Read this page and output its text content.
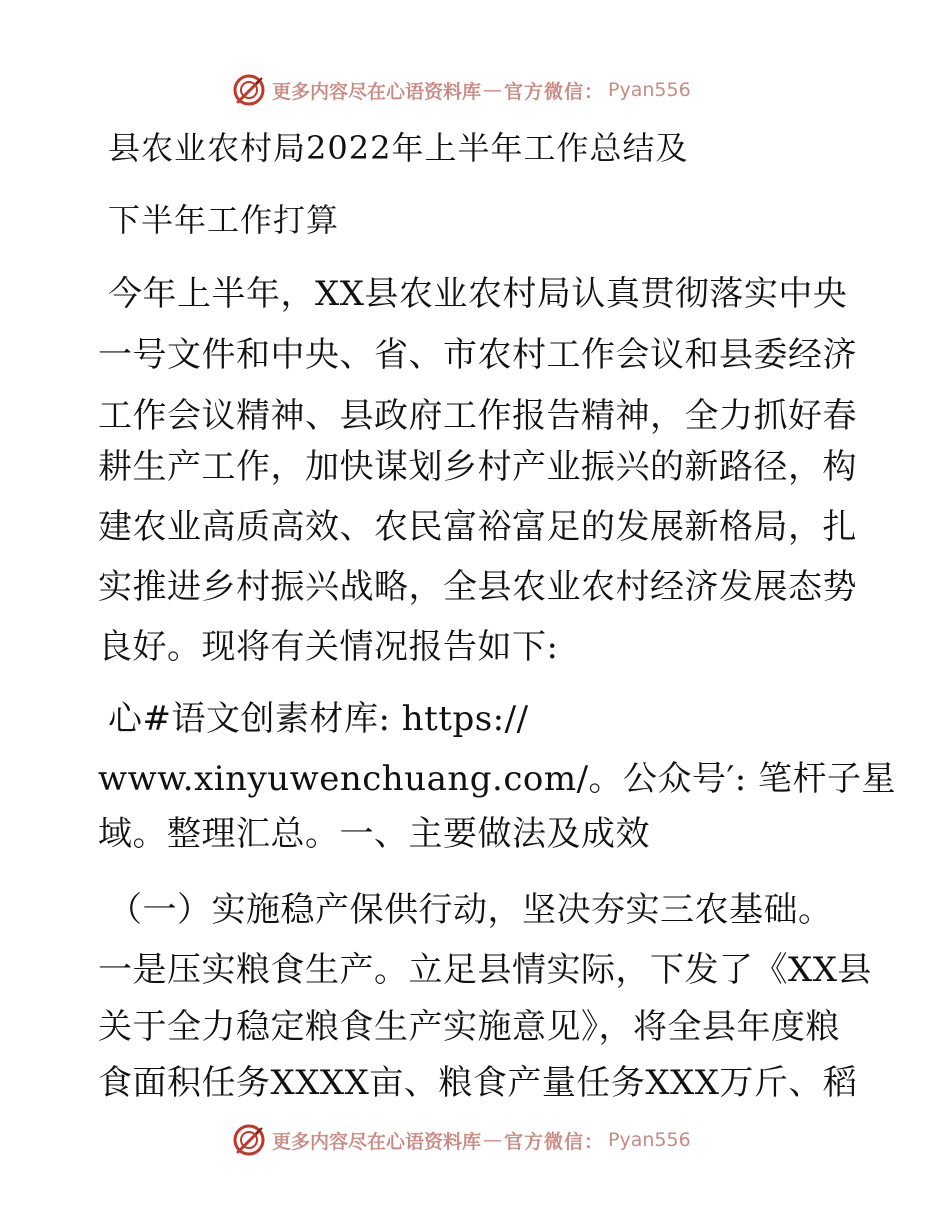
更多内容尽在心语资料库 — 官方微信： Pyan556
县农业农村局2022年上半年工作总结及
下半年工作打算
今年上半年，XX县农业农村局认真贯彻落实中央
一号文件和中央、省、市农村工作会议和县委经济
工作会议精神、县政府工作报告精神，全力抓好春
耕生产工作，加快谋划乡村产业振兴的新路径，构
建农业高质高效、农民富裕富足的发展新格局，扎
实推进乡村振兴战略，全县农业农村经济发展态势
良好。现将有关情况报告如下:
心#语文创素材库: https://
www.xinyuwenchuang.com/。公众号′: 笔杆子星
域。整理汇总。一、主要做法及成效
（一）实施稳产保供行动，坚决夯实三农基础。
一是压实粮食生产。立足县情实际，下发了《XX县
关于全力稳定粮食生产实施意见》，将全县年度粮
食面积任务XXXX亩、粮食产量任务XXX万斤、稻
更多内容尽在心语资料库 — 官方微信： Pyan556
